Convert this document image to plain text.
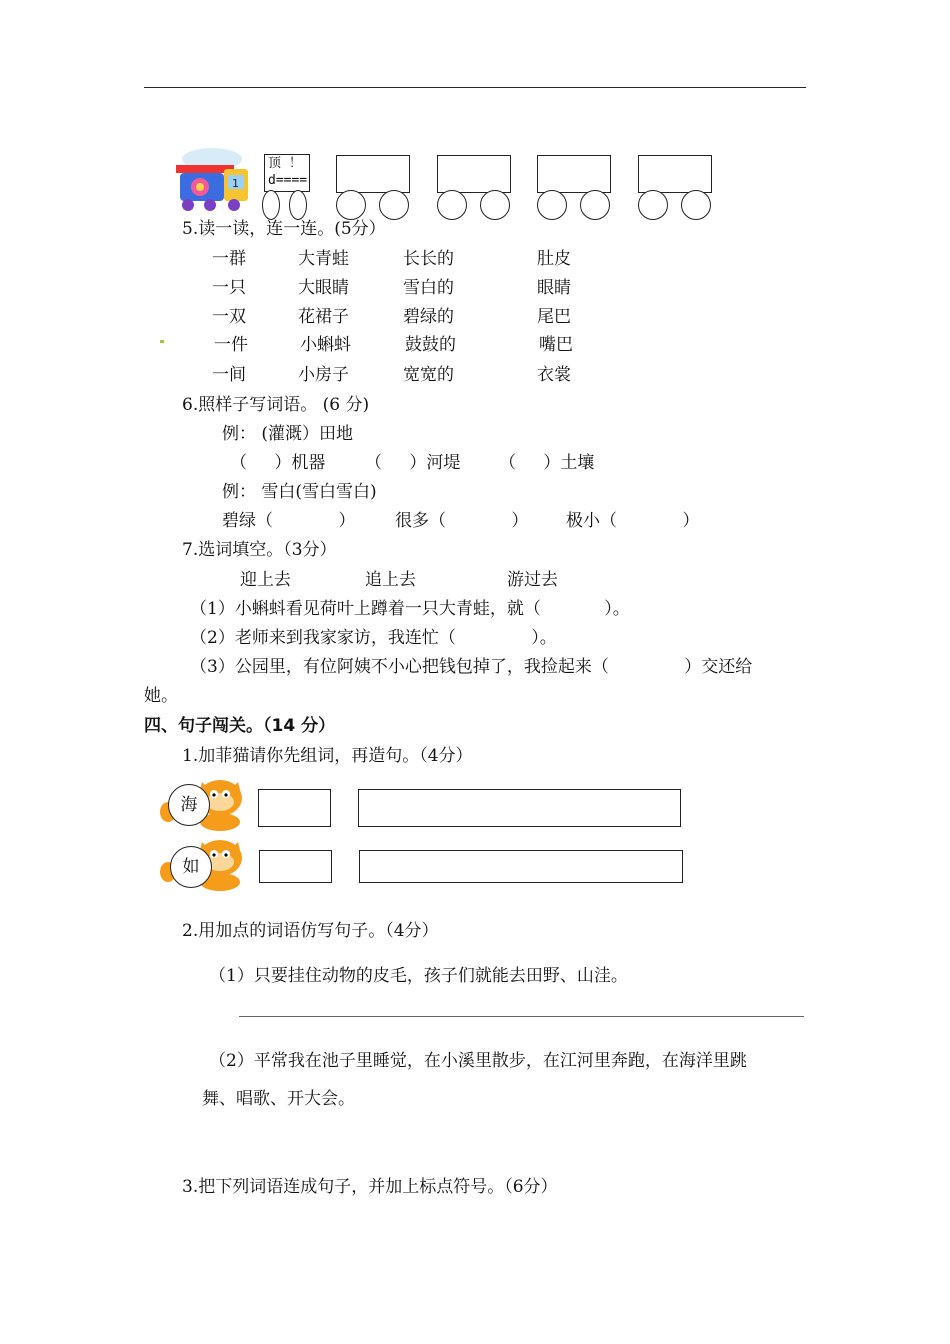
1
顶 ！
d====
5.读一读，连一连。(5分）
一群	大青蛙	长长的	肚皮
一只	大眼睛	雪白的	眼睛
一双	花裙子	碧绿的	尾巴
一件	小蝌蚪	鼓鼓的	嘴巴
一间	小房子	宽宽的	衣裳
6.照样子写词语。 (6 分)
例： (灌溉）田地
（ ）机器 （ ）河堤 （ ）土壤
例： 雪白(雪白雪白)
碧绿（ ） 很多（ ） 极小（ ）
7.选词填空。（3分）
迎上去	追上去	游过去
（1）小蝌蚪看见荷叶上蹲着一只大青蛙，就（ ）。
（2）老师来到我家家访，我连忙（ ）。
（3）公园里，有位阿姨不小心把钱包掉了，我捡起来（ ）交还给
她。
四、句子闯关。（14 分）
1.加菲猫请你先组词，再造句。（4分）
海
如
2.用加点的词语仿写句子。（4分）
（1）只要挂住动物的皮毛，孩子们就能去田野、山洼。
（2）平常我在池子里睡觉，在小溪里散步，在江河里奔跑，在海洋里跳
舞、唱歌、开大会。
3.把下列词语连成句子，并加上标点符号。（6分）
